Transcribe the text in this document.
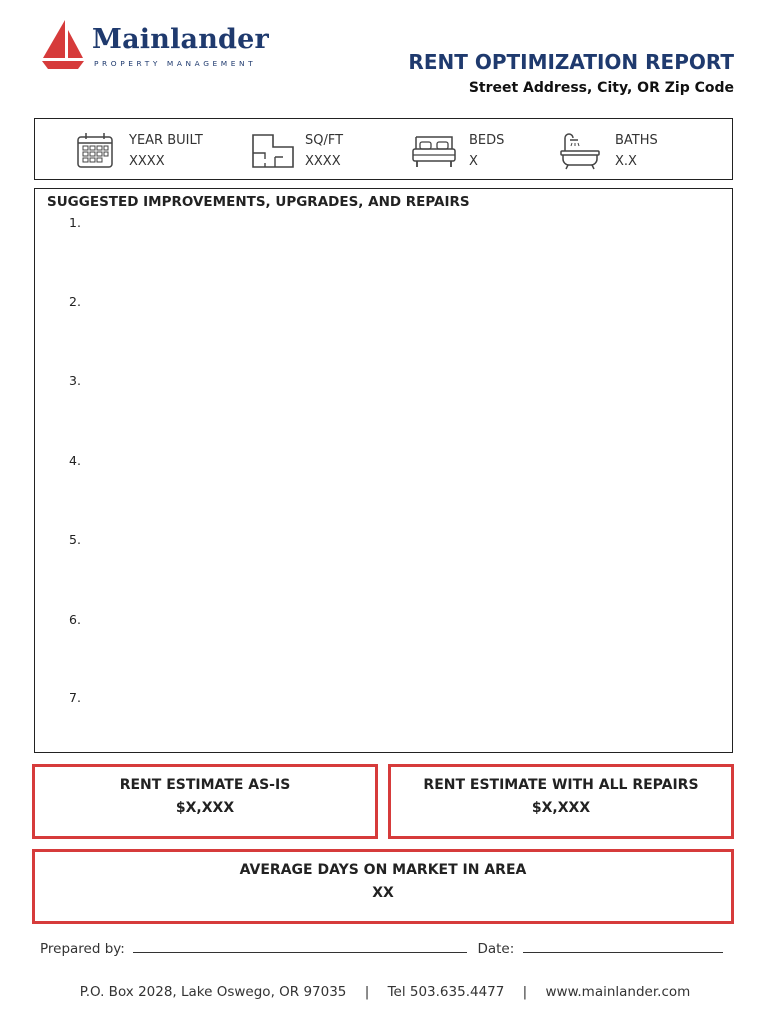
Mainlander
PROPERTY MANAGEMENT	RENT OPTIMIZATION REPORT
Street Address, City, OR Zip Code
YEAR BUILT
XXXX
SQ/FT
XXXX
BEDS
X
BATHS
X.X
SUGGESTED IMPROVEMENTS, UPGRADES, AND REPAIRS
1.
2.
3.
4.
5.
6.
7.
RENT ESTIMATE AS-IS
$X,XXX
RENT ESTIMATE WITH ALL REPAIRS
$X,XXX
AVERAGE DAYS ON MARKET IN AREA
XX
Prepared by:	Date:
P.O. Box 2028, Lake Oswego, OR 97035 | Tel 503.635.4477 | www.mainlander.com
